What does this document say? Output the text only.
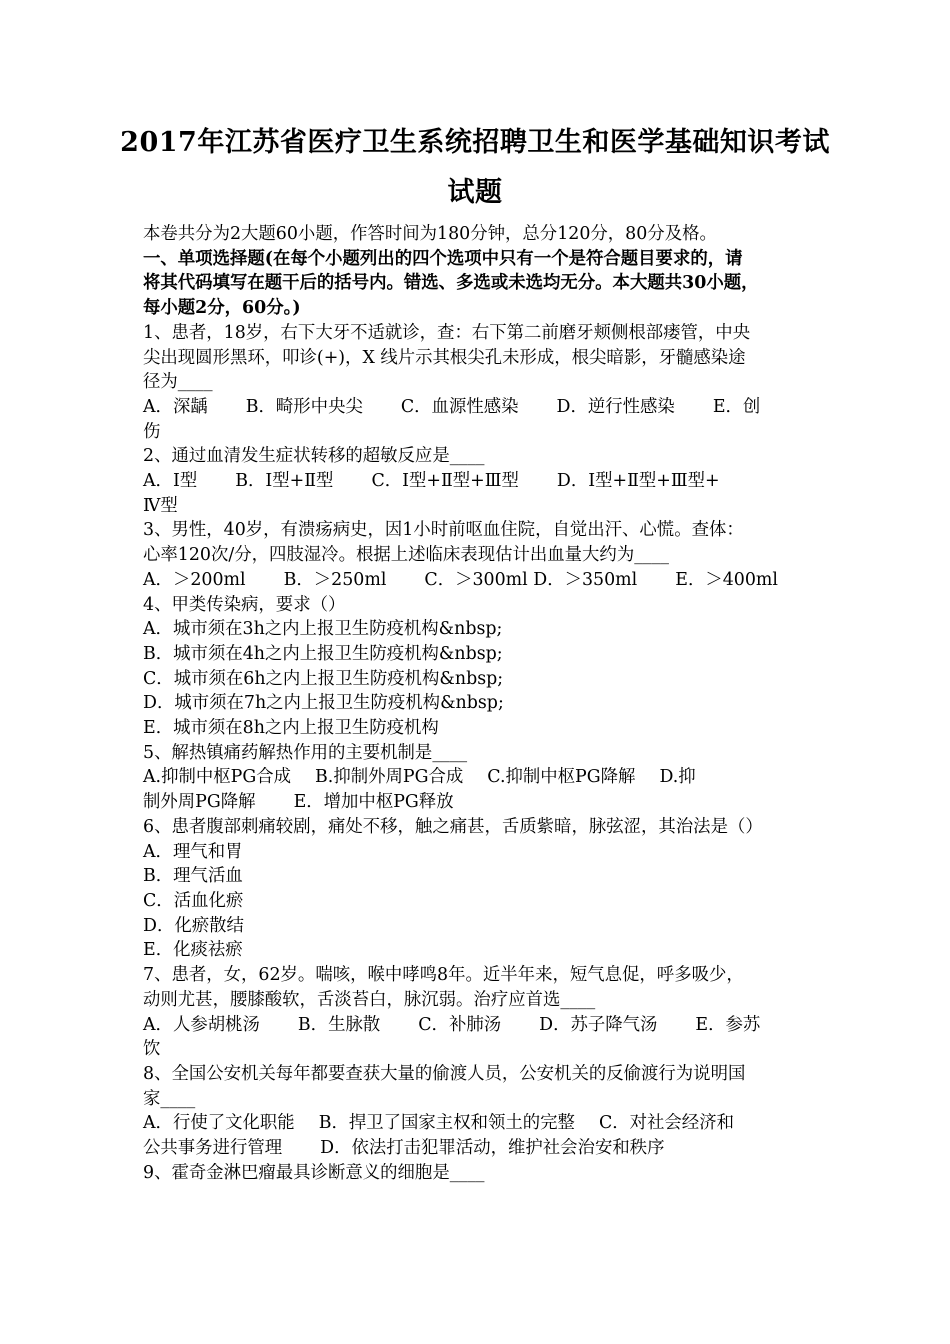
2017年江苏省医疗卫生系统招聘卫生和医学基础知识考试
试题

本卷共分为2大题60小题，作答时间为180分钟，总分120分，80分及格。

一、单项选择题(在每个小题列出的四个选项中只有一个是符合题目要求的，请

将其代码填写在题干后的括号内。错选、多选或未选均无分。本大题共30小题，

每小题2分，60分。)

1、患者，18岁，右下大牙不适就诊，查：右下第二前磨牙颊侧根部瘘管，中央

尖出现圆形黑环，叩诊(+)，X 线片示其根尖孔未形成，根尖暗影，牙髓感染途

径为____

A．深龋 B．畸形中央尖 C．血源性感染 D．逆行性感染 E．创

伤

2、通过血清发生症状转移的超敏反应是____

A．Ⅰ型 B．Ⅰ型+Ⅱ型 C．Ⅰ型+Ⅱ型+Ⅲ型 D．Ⅰ型+Ⅱ型+Ⅲ型+

Ⅳ型

3、男性，40岁，有溃疡病史，因1小时前呕血住院，自觉出汗、心慌。查体：

心率120次/分，四肢湿冷。根据上述临床表现估计出血量大约为____

A．＞200ml B．＞250ml C．＞300ml D．＞350ml E．＞400ml

4、甲类传染病，要求（）

A．城市须在3h之内上报卫生防疫机构&nbsp;

B．城市须在4h之内上报卫生防疫机构&nbsp;

C．城市须在6h之内上报卫生防疫机构&nbsp;

D．城市须在7h之内上报卫生防疫机构&nbsp;

E．城市须在8h之内上报卫生防疫机构

5、解热镇痛药解热作用的主要机制是____

A.抑制中枢PG合成 B.抑制外周PG合成 C.抑制中枢PG降解 D.抑
制外周PG降解 E．增加中枢PG释放

6、患者腹部刺痛较剧，痛处不移，触之痛甚，舌质紫暗，脉弦涩，其治法是（）

A．理气和胃

B．理气活血

C．活血化瘀

D．化瘀散结

E．化痰祛瘀

7、患者，女，62岁。喘咳，喉中哮鸣8年。近半年来，短气息促，呼多吸少，

动则尤甚，腰膝酸软，舌淡苔白，脉沉弱。治疗应首选____

A．人参胡桃汤 B．生脉散 C．补肺汤 D．苏子降气汤 E．参苏

饮

8、全国公安机关每年都要查获大量的偷渡人员，公安机关的反偷渡行为说明国

家____

A．行使了文化职能 B．捍卫了国家主权和领土的完整 C．对社会经济和
公共事务进行管理 D．依法打击犯罪活动，维护社会治安和秩序

9、霍奇金淋巴瘤最具诊断意义的细胞是____
